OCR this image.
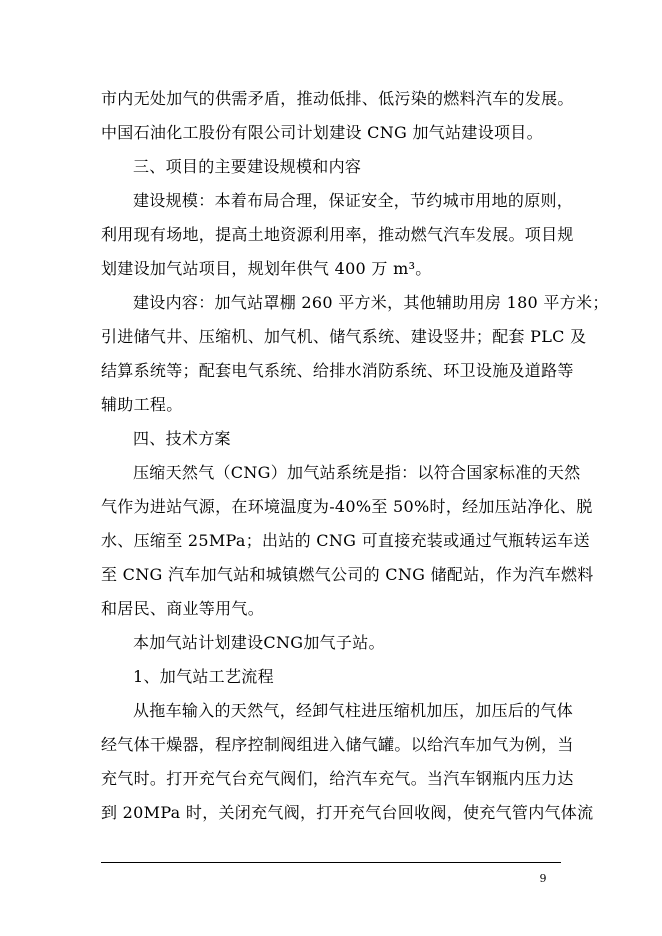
市内无处加气的供需矛盾，推动低排、低污染的燃料汽车的发展。
中国石油化工股份有限公司计划建设 CNG 加气站建设项目。
三、项目的主要建设规模和内容
建设规模：本着布局合理，保证安全，节约城市用地的原则，
利用现有场地，提高土地资源利用率，推动燃气汽车发展。项目规
划建设加气站项目，规划年供气 400 万 m³。
建设内容：加气站罩棚 260 平方米，其他辅助用房 180 平方米；
引进储气井、压缩机、加气机、储气系统、建设竖井；配套 PLC 及
结算系统等；配套电气系统、给排水消防系统、环卫设施及道路等
辅助工程。
四、技术方案
压缩天然气（CNG）加气站系统是指：以符合国家标准的天然
气作为进站气源，在环境温度为-40%至 50%时，经加压站净化、脱
水、压缩至 25MPa；出站的 CNG 可直接充装或通过气瓶转运车送
至 CNG 汽车加气站和城镇燃气公司的 CNG 储配站，作为汽车燃料
和居民、商业等用气。
本加气站计划建设CNG加气子站。
1、加气站工艺流程
从拖车输入的天然气，经卸气柱进压缩机加压，加压后的气体
经气体干燥器，程序控制阀组进入储气罐。以给汽车加气为例，当
充气时。打开充气台充气阀们，给汽车充气。当汽车钢瓶内压力达
到 20MPa 时，关闭充气阀，打开充气台回收阀，使充气管内气体流
9
